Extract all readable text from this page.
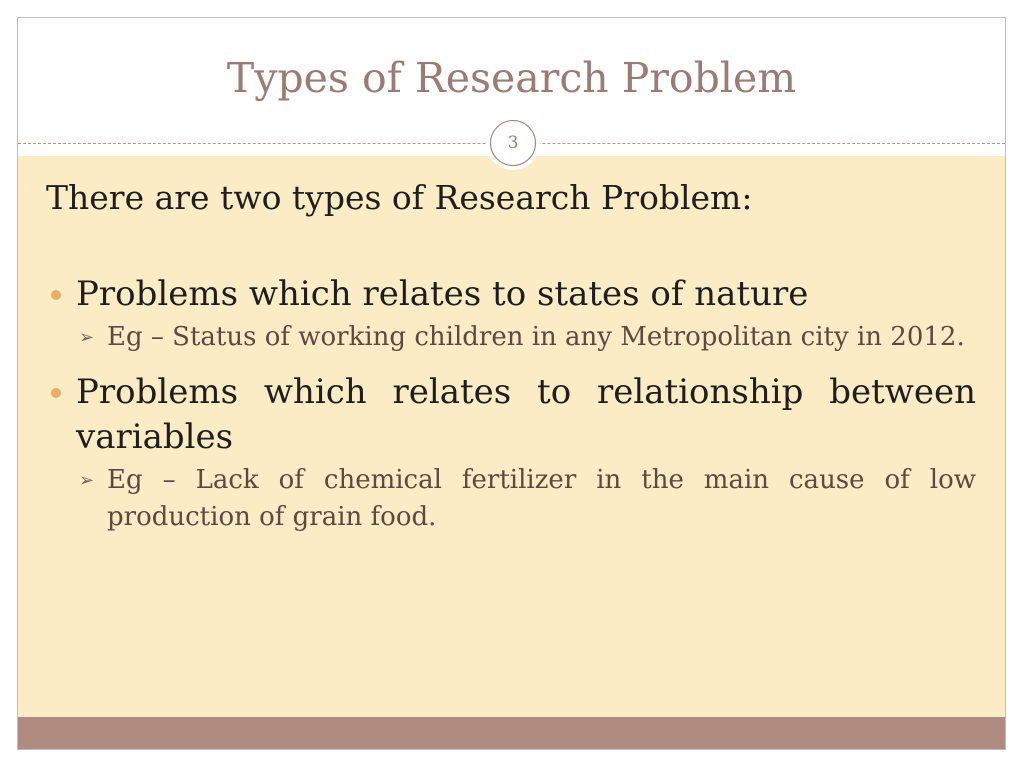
Types of Research Problem
3

There are two types of Research Problem:

Problems which relates to states of nature

➢ Eg – Status of working children in any Metropolitan city in 2012.

Problems which relates to relationship between variables

➢ Eg – Lack of chemical fertilizer in the main cause of low production of grain food.
